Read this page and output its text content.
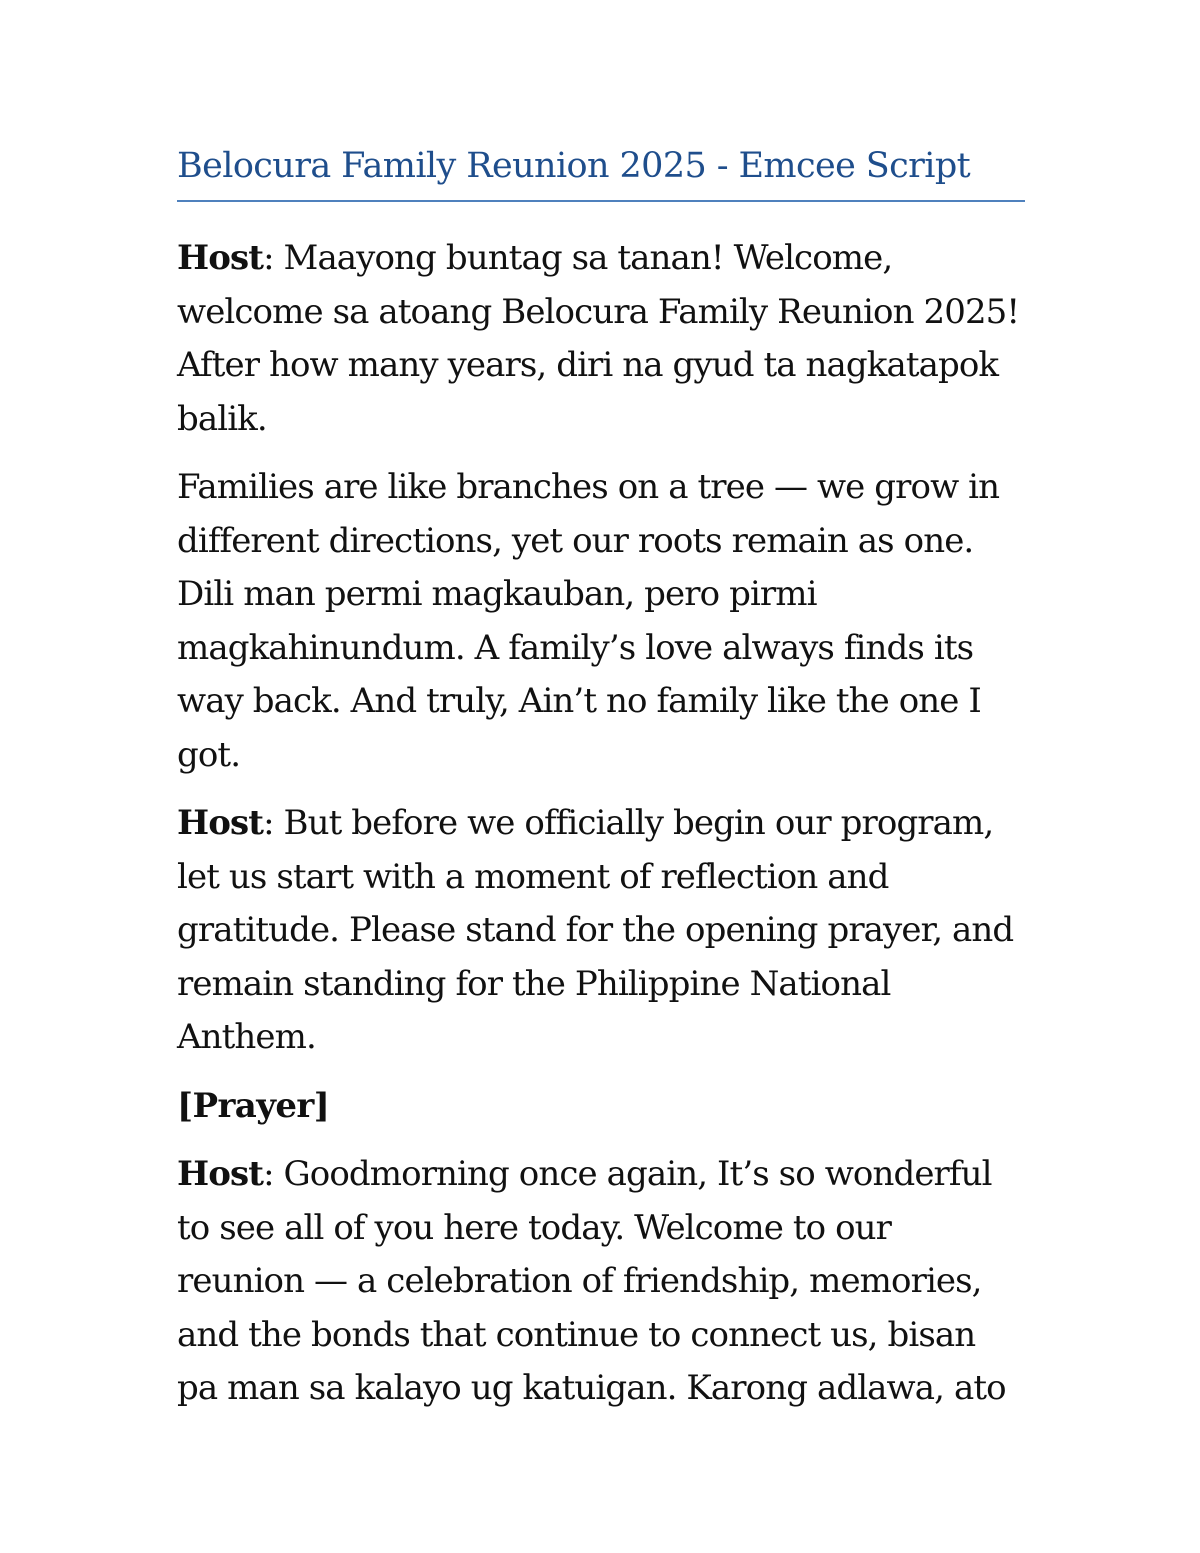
Belocura Family Reunion 2025 - Emcee Script

Host: Maayong buntag sa tanan! Welcome, welcome sa atoang Belocura Family Reunion 2025! After how many years, diri na gyud ta nagkatapok balik.

Families are like branches on a tree — we grow in different directions, yet our roots remain as one. Dili man permi magkauban, pero pirmi magkahinundum. A family’s love always finds its way back. And truly, Ain’t no family like the one I got.

Host: But before we officially begin our program, let us start with a moment of reflection and gratitude. Please stand for the opening prayer, and remain standing for the Philippine National Anthem.

[Prayer]

Host: Goodmorning once again, It’s so wonderful to see all of you here today. Welcome to our reunion — a celebration of friendship, memories, and the bonds that continue to connect us, bisan pa man sa kalayo ug katuigan. Karong adlawa, ato
